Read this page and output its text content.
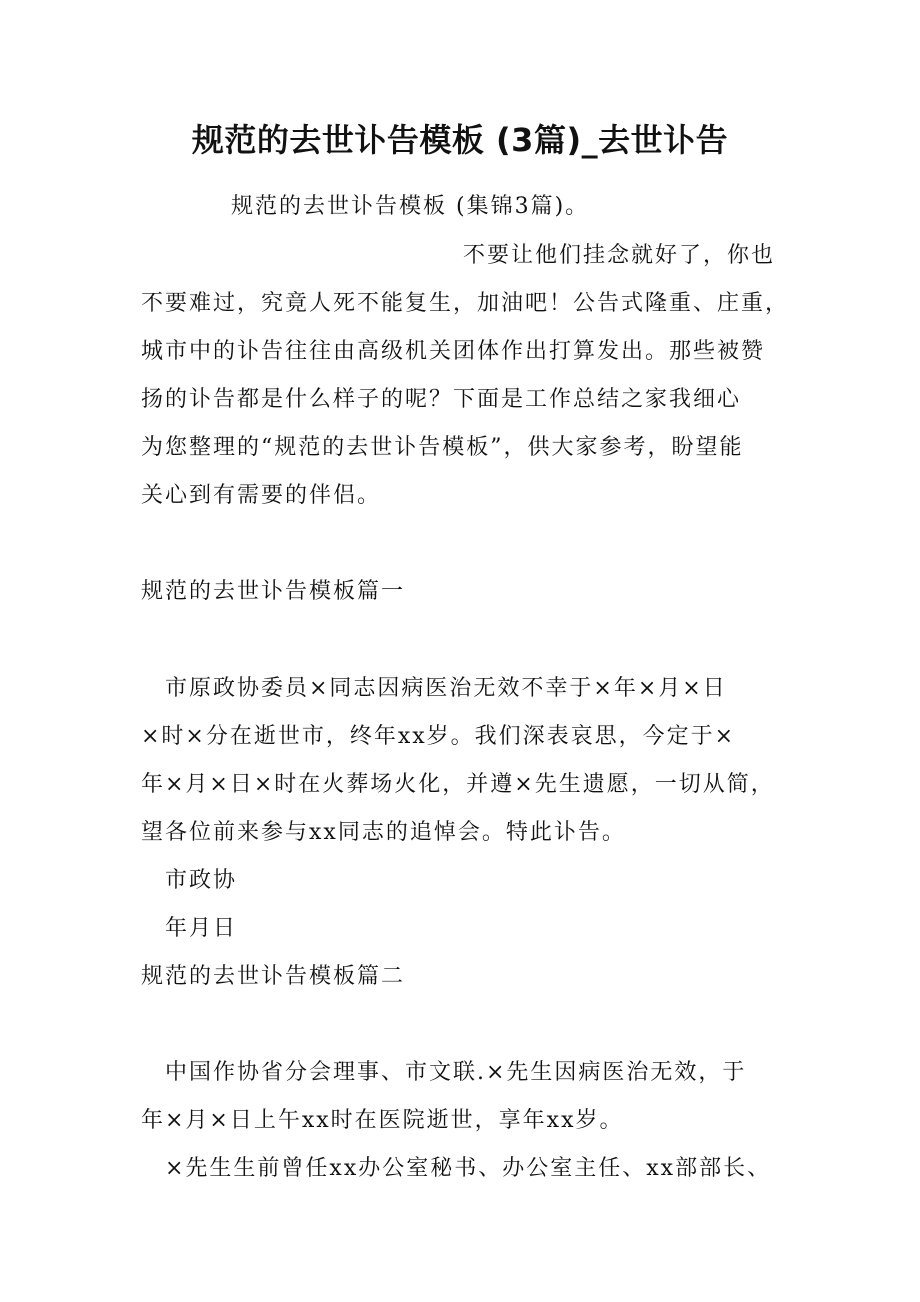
规范的去世讣告模板 (3篇)_去世讣告
规范的去世讣告模板 (集锦3篇)。
不要让他们挂念就好了，你也
不要难过，究竟人死不能复生，加油吧！公告式隆重、庄重，
城市中的讣告往往由高级机关团体作出打算发出。那些被赞
扬的讣告都是什么样子的呢？下面是工作总结之家我细心
为您整理的“规范的去世讣告模板”，供大家参考，盼望能
关心到有需要的伴侣。
规范的去世讣告模板篇一
市原政协委员×同志因病医治无效不幸于×年×月×日
×时×分在逝世市，终年xx岁。我们深表哀思，今定于×
年×月×日×时在火葬场火化，并遵×先生遗愿，一切从简，
望各位前来参与xx同志的追悼会。特此讣告。
市政协
年月日
规范的去世讣告模板篇二
中国作协省分会理事、市文联.×先生因病医治无效，于
年×月×日上午xx时在医院逝世，享年xx岁。
×先生生前曾任xx办公室秘书、办公室主任、xx部部长、
